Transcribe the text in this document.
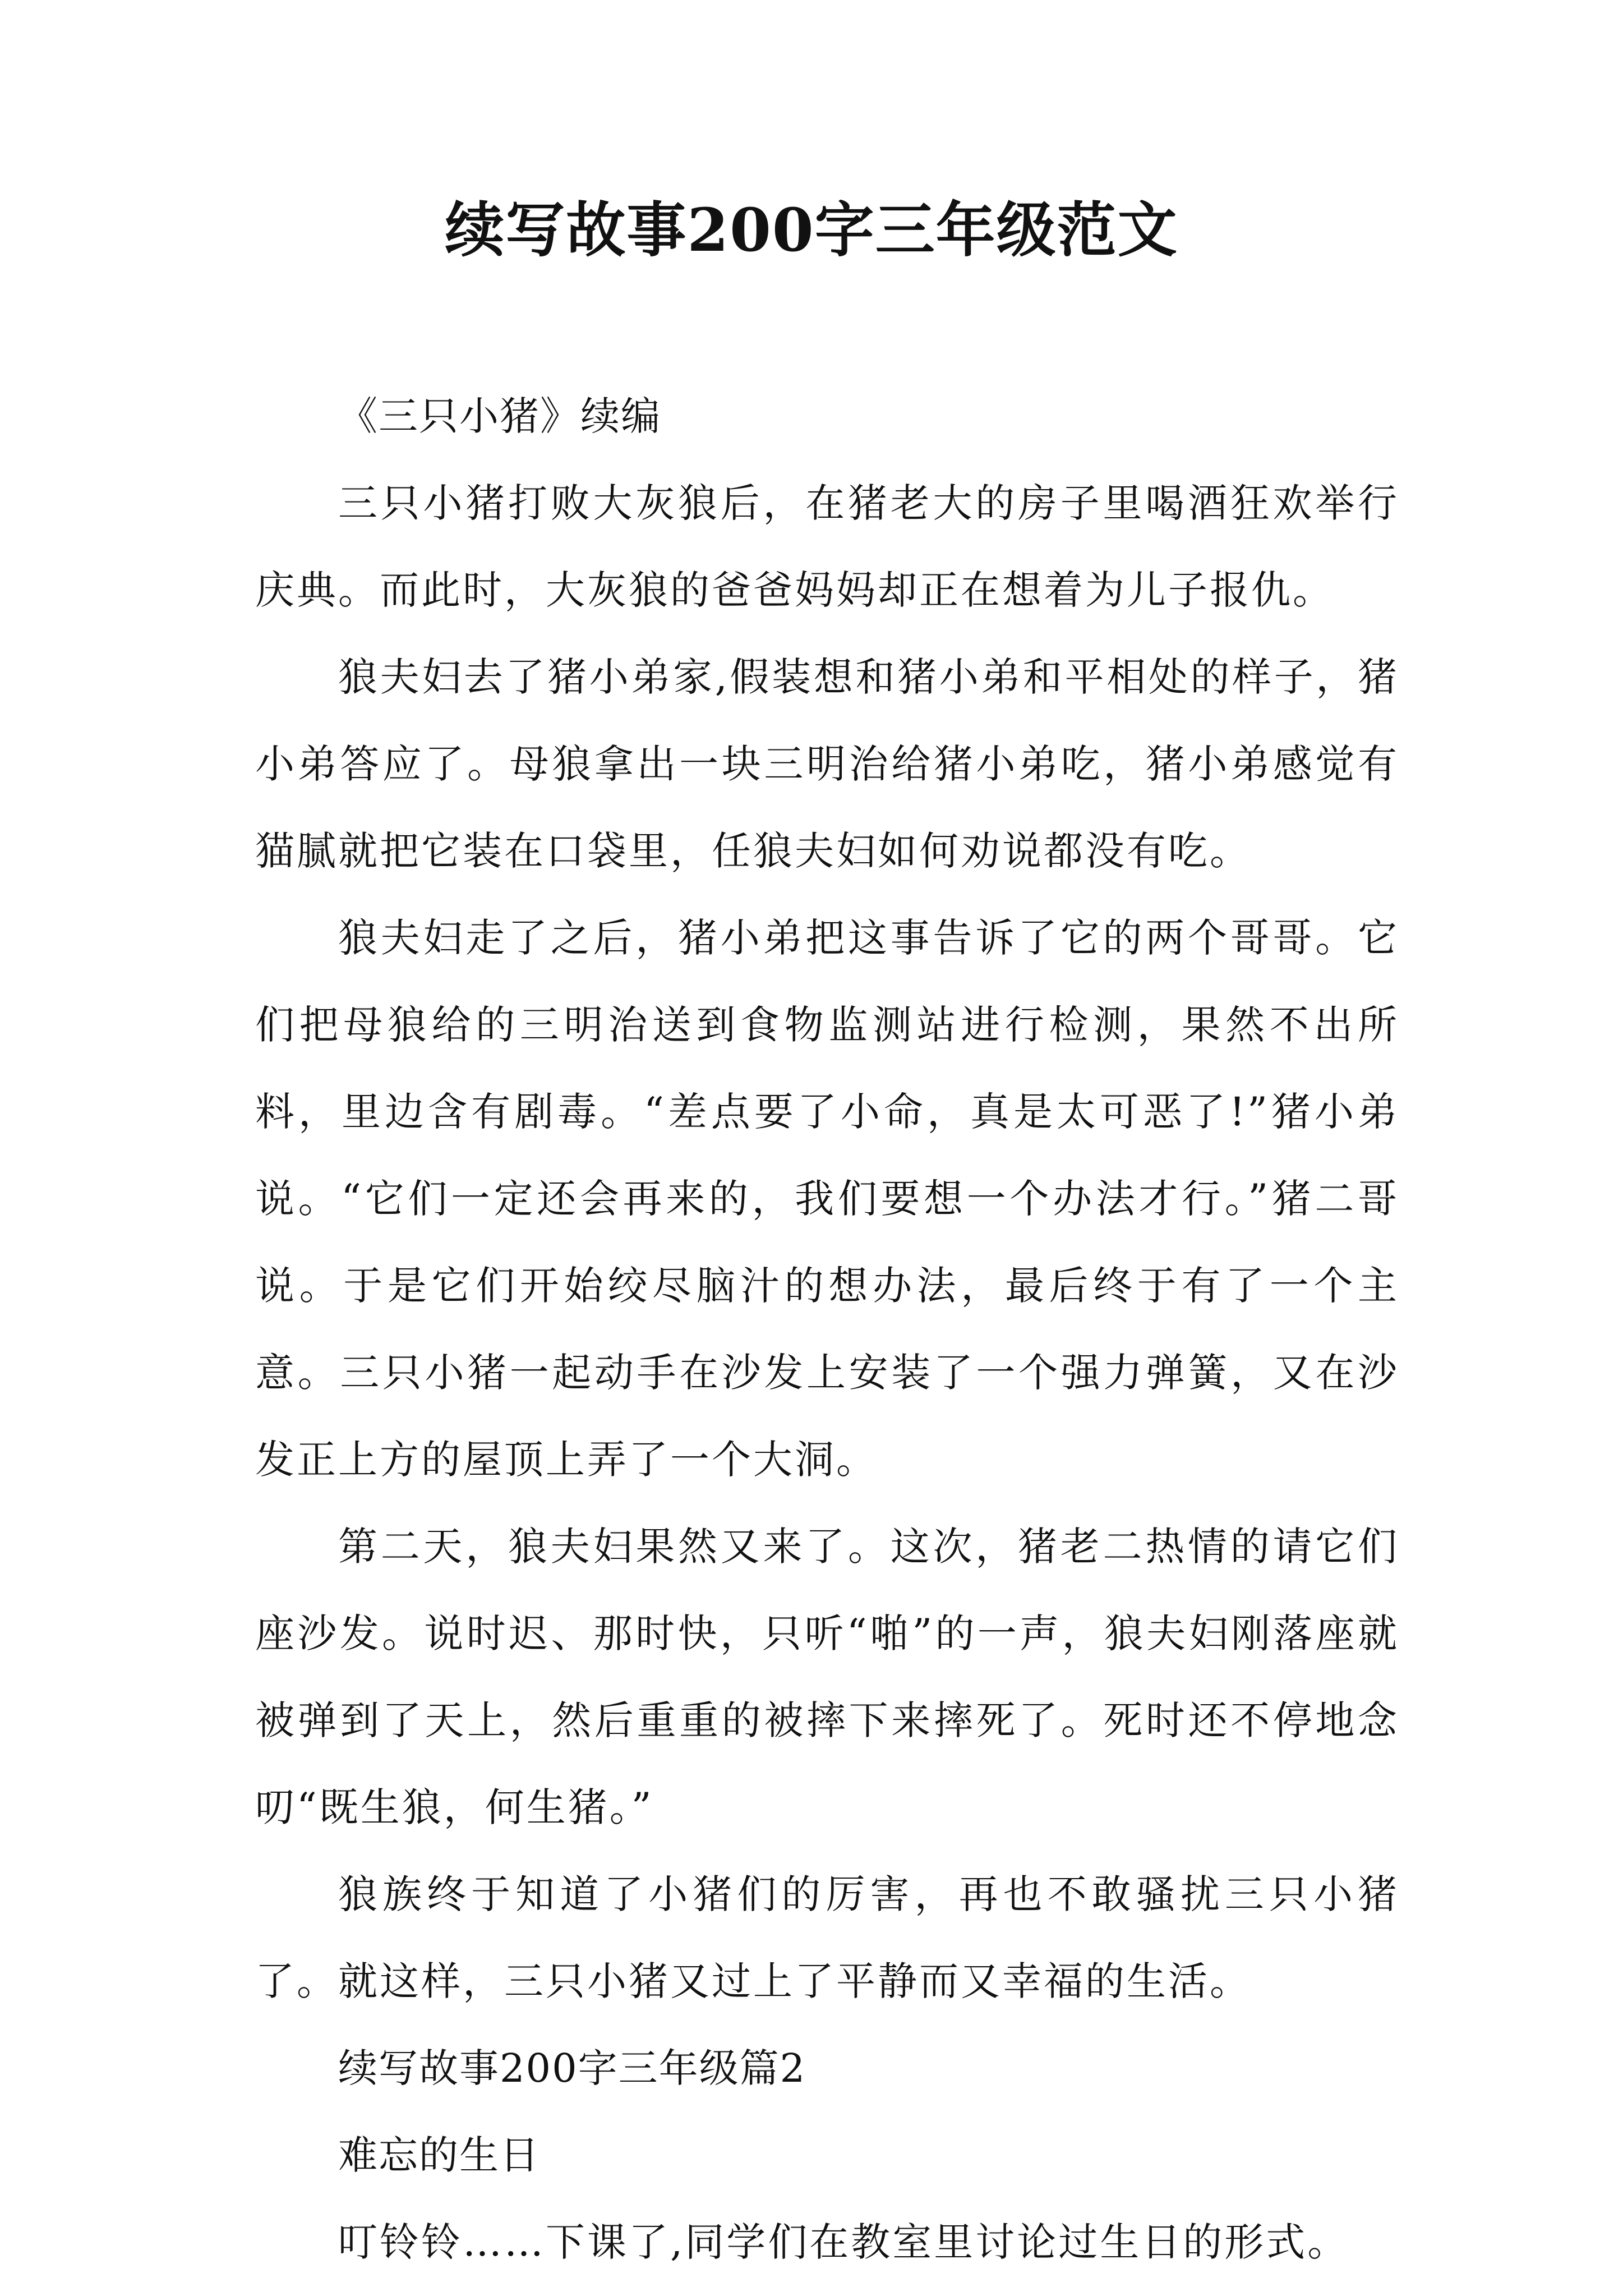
续写故事200字三年级范文

《三只小猪》续编

三只小猪打败大灰狼后，在猪老大的房子里喝酒狂欢举行庆典。而此时，大灰狼的爸爸妈妈却正在想着为儿子报仇。

狼夫妇去了猪小弟家,假装想和猪小弟和平相处的样子，猪小弟答应了。母狼拿出一块三明治给猪小弟吃，猪小弟感觉有猫腻就把它装在口袋里，任狼夫妇如何劝说都没有吃。

狼夫妇走了之后，猪小弟把这事告诉了它的两个哥哥。它们把母狼给的三明治送到食物监测站进行检测，果然不出所料，里边含有剧毒。“差点要了小命，真是太可恶了!”猪小弟说。“它们一定还会再来的，我们要想一个办法才行。”猪二哥说。于是它们开始绞尽脑汁的想办法，最后终于有了一个主意。三只小猪一起动手在沙发上安装了一个强力弹簧，又在沙发正上方的屋顶上弄了一个大洞。

第二天，狼夫妇果然又来了。这次，猪老二热情的请它们座沙发。说时迟、那时快，只听“啪”的一声，狼夫妇刚落座就被弹到了天上，然后重重的被摔下来摔死了。死时还不停地念叨“既生狼，何生猪。”

狼族终于知道了小猪们的厉害，再也不敢骚扰三只小猪了。就这样，三只小猪又过上了平静而又幸福的生活。

续写故事200字三年级篇2

难忘的生日

叮铃铃……下课了,同学们在教室里讨论过生日的形式。
